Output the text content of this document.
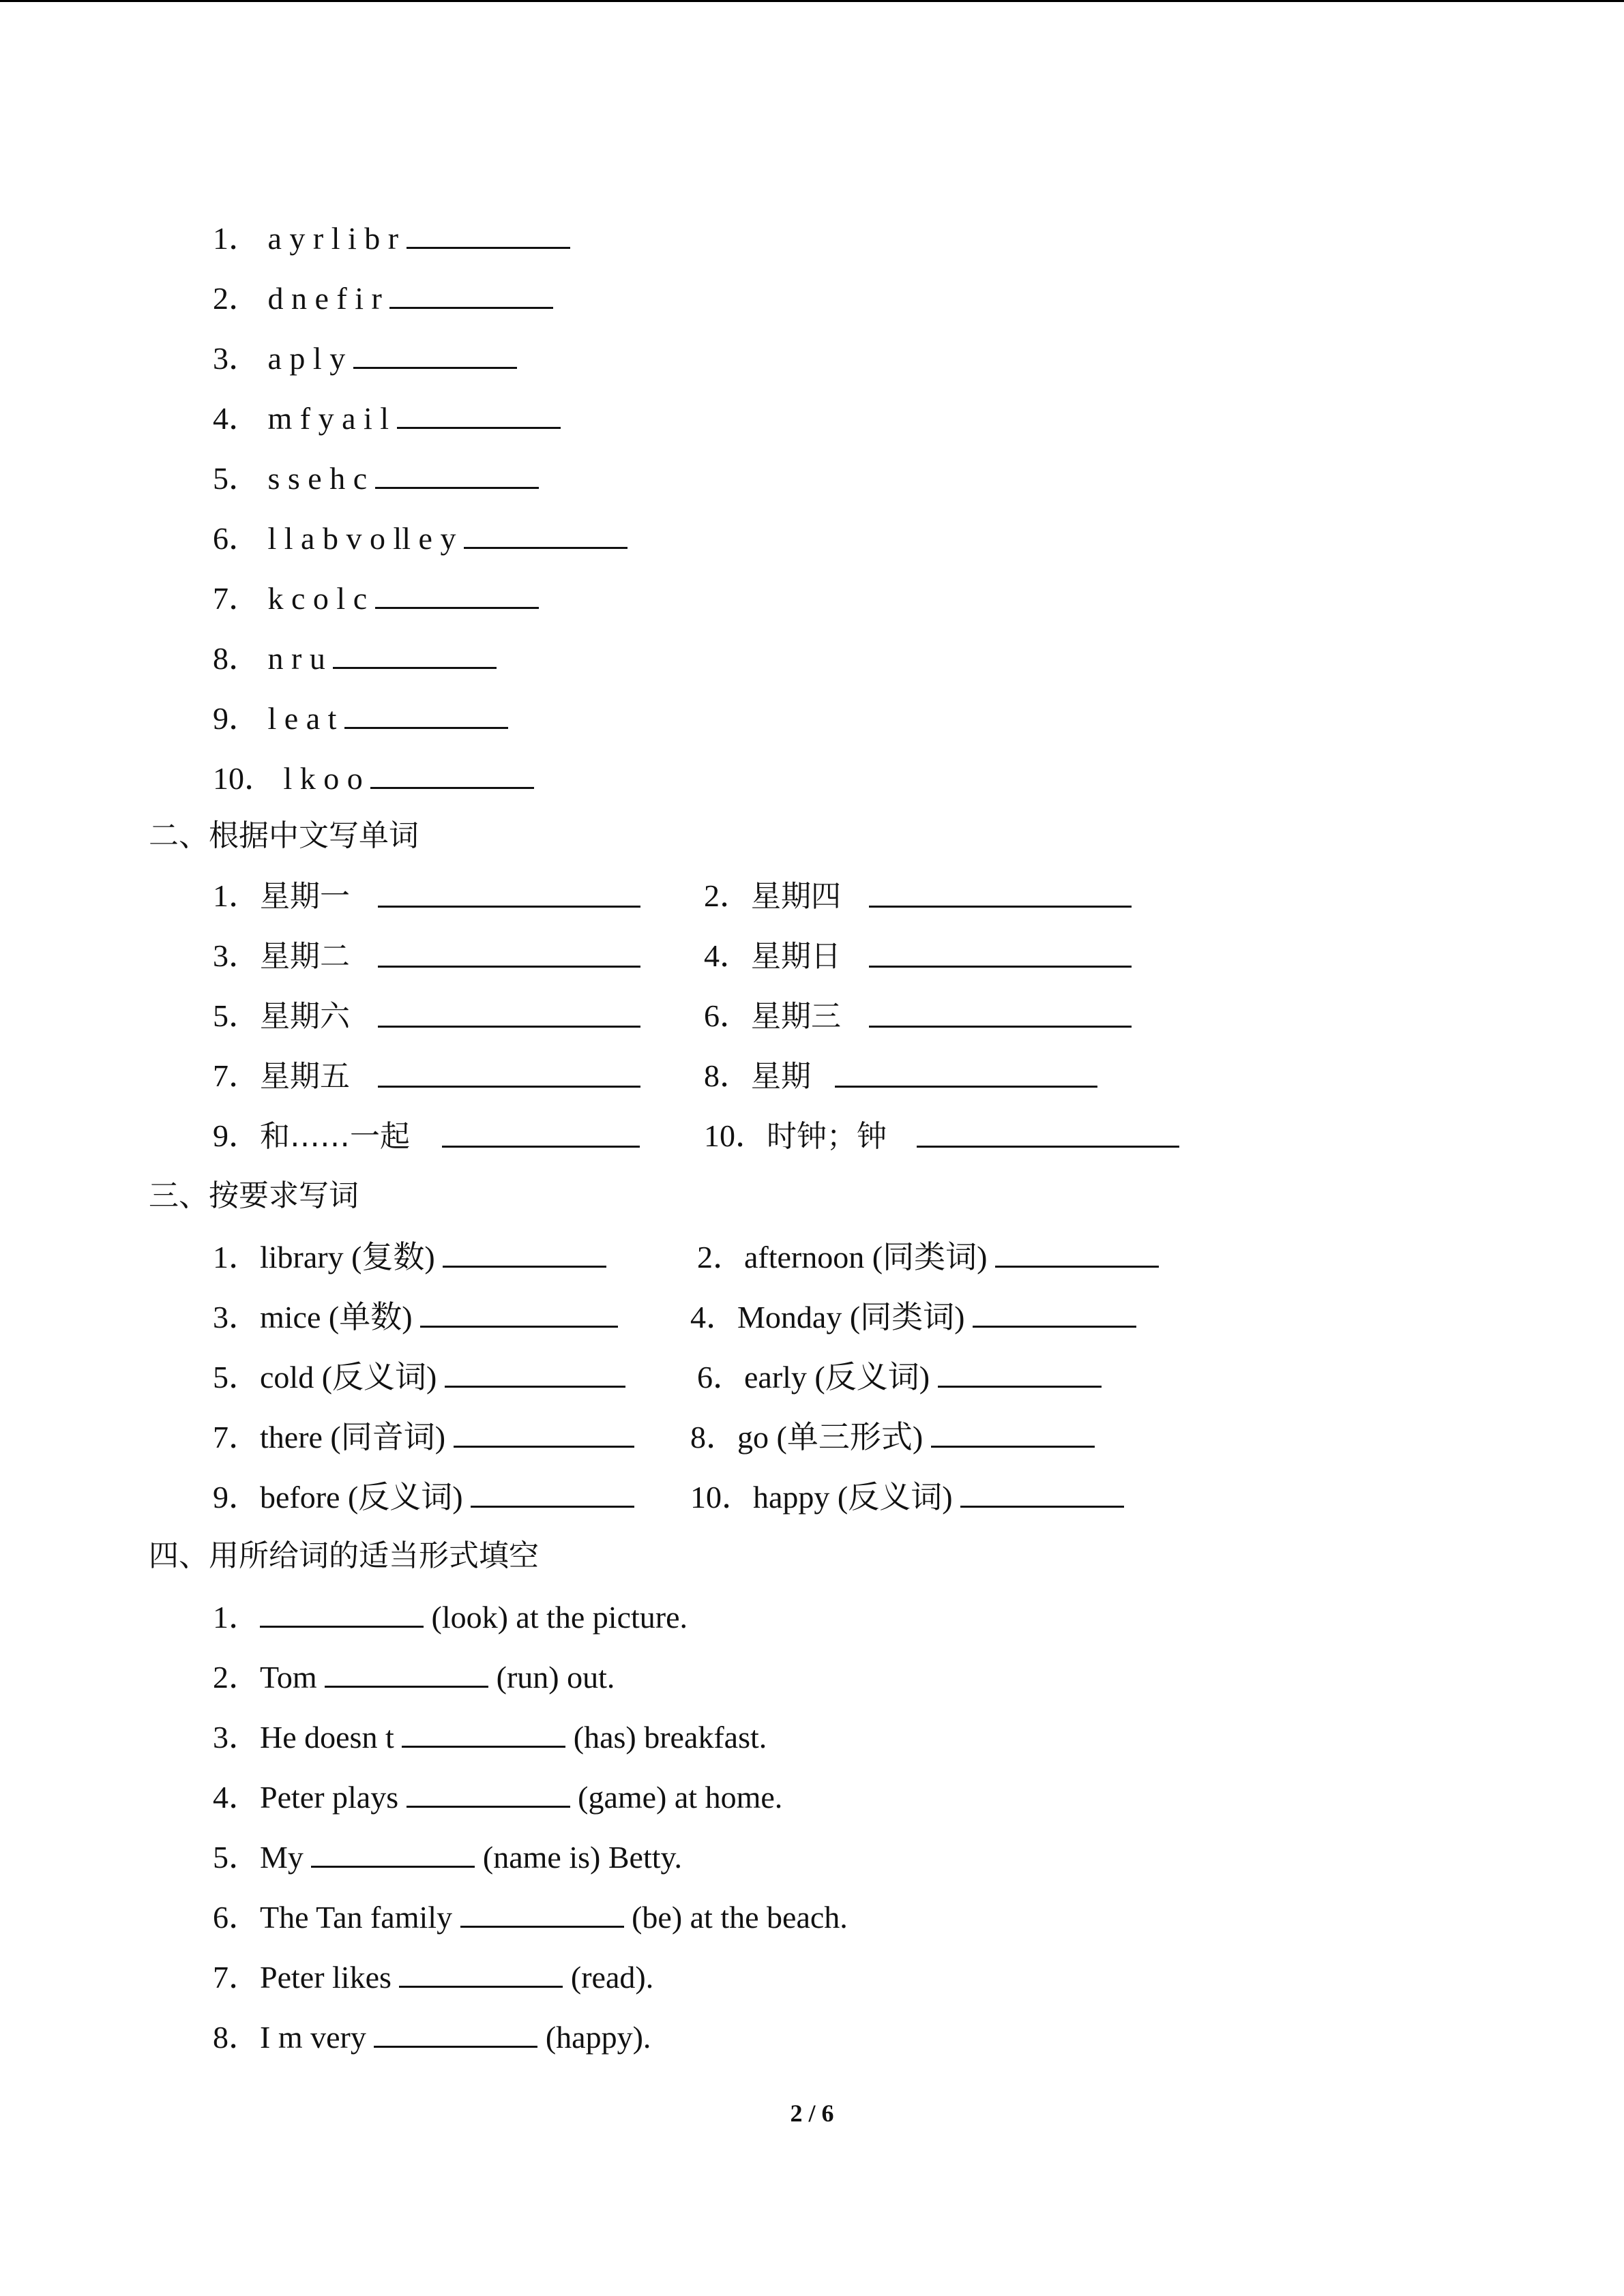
1． a y r l i b r
2． d n e f i r
3． a p l y
4． m f y a i l
5． s s e h c
6． l l a b v o ll e y
7． k c o l c
8． n r u
9． l e a t
10． l k o o
二、根据中文写单词
1．星期一	2．星期四
3．星期二	4．星期日
5．星期六	6．星期三
7．星期五	8．星期
9．和……一起	10．时钟；钟
三、按要求写词
1．library (复数)	2．afternoon (同类词)
3．mice (单数)	4．Monday (同类词)
5．cold (反义词)	6．early (反义词)
7．there (同音词)	8．go (单三形式)
9．before (反义词)	10．happy (反义词)
四、用所给词的适当形式填空
1．	(look) at the picture.
2．Tom	(run) out.
3．He doesn t	(has) breakfast.
4．Peter plays	(game) at home.
5．My	(name is) Betty.
6．The Tan family	(be) at the beach.
7．Peter likes	(read).
8．I m very	(happy).
2 / 6
